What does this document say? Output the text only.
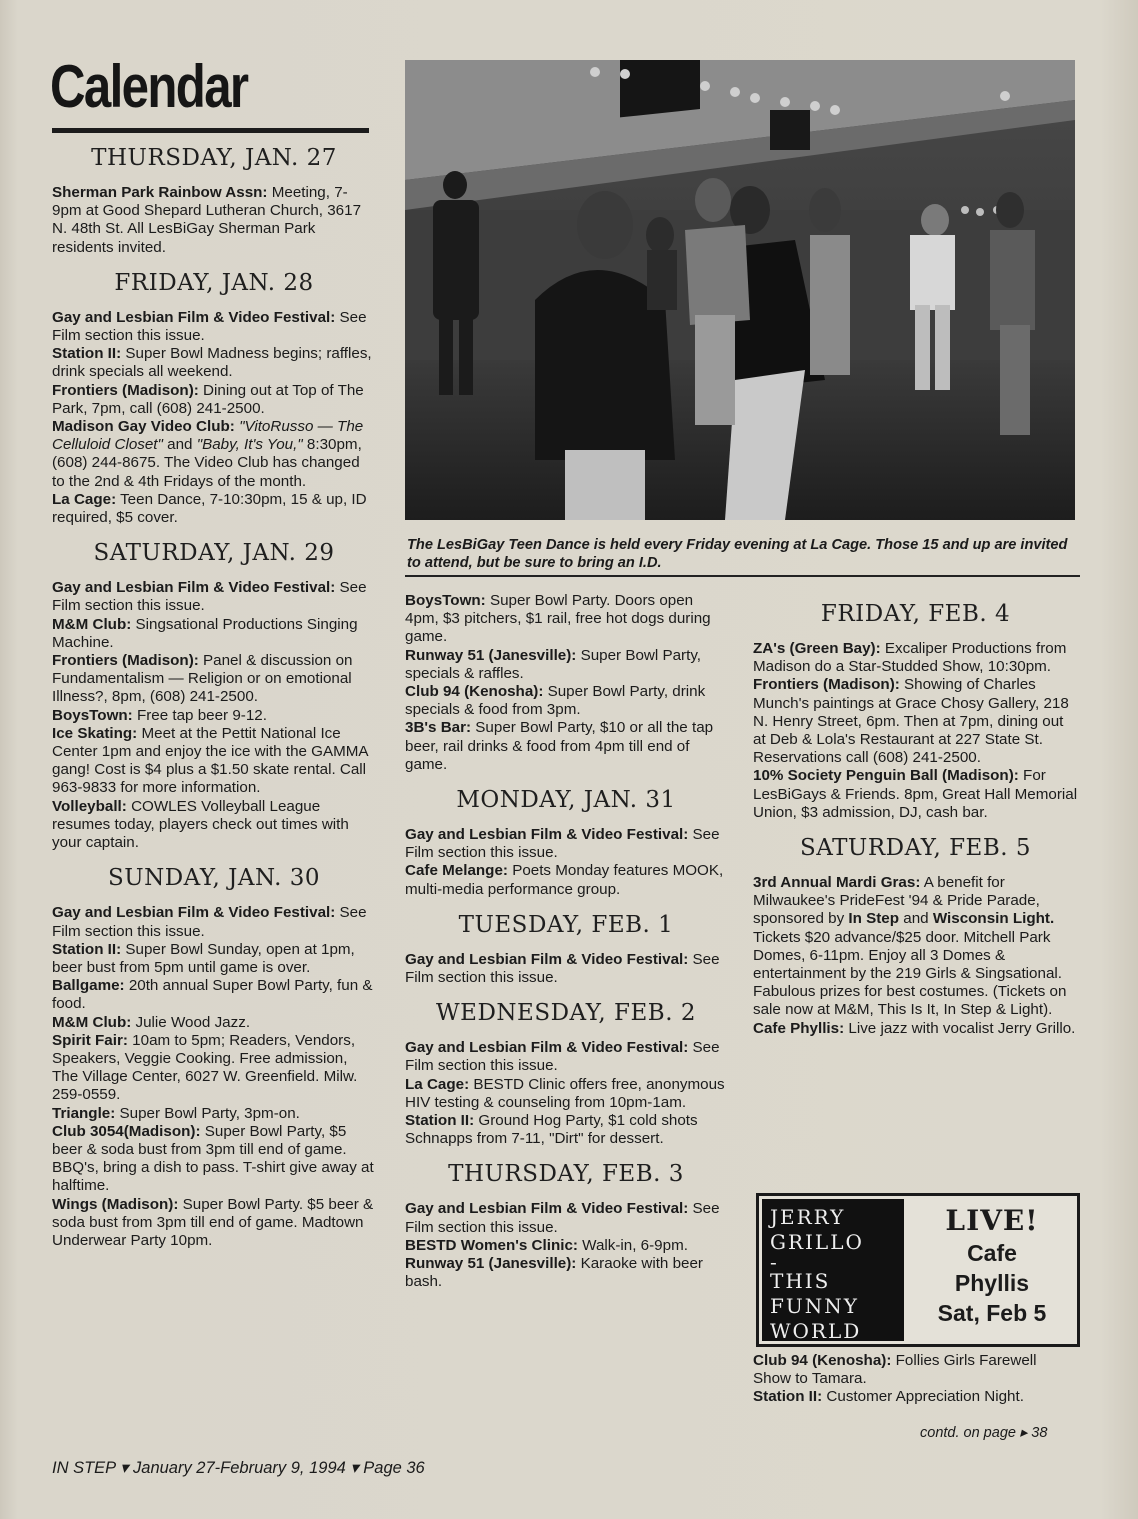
Calendar
THURSDAY, JAN. 27

Sherman Park Rainbow Assn: Meeting, 7-9pm at Good Shepard Lutheran Church, 3617 N. 48th St. All LesBiGay Sherman Park residents invited.

FRIDAY, JAN. 28

Gay and Lesbian Film & Video Festival: See Film section this issue.

Station II: Super Bowl Madness begins; raffles, drink specials all weekend.

Frontiers (Madison): Dining out at Top of The Park, 7pm, call (608) 241-2500.

Madison Gay Video Club: "VitoRusso — The Celluloid Closet" and "Baby, It's You," 8:30pm, (608) 244-8675. The Video Club has changed to the 2nd & 4th Fridays of the month.

La Cage: Teen Dance, 7-10:30pm, 15 & up, ID required, $5 cover.

SATURDAY, JAN. 29

Gay and Lesbian Film & Video Festival: See Film section this issue.

M&M Club: Singsational Productions Singing Machine.

Frontiers (Madison): Panel & discussion on Fundamentalism — Religion or on emotional Illness?, 8pm, (608) 241-2500.

BoysTown: Free tap beer 9-12.

Ice Skating: Meet at the Pettit National Ice Center 1pm and enjoy the ice with the GAMMA gang! Cost is $4 plus a $1.50 skate rental. Call 963-9833 for more information.

Volleyball: COWLES Volleyball League resumes today, players check out times with your captain.

SUNDAY, JAN. 30

Gay and Lesbian Film & Video Festival: See Film section this issue.

Station II: Super Bowl Sunday, open at 1pm, beer bust from 5pm until game is over.

Ballgame: 20th annual Super Bowl Party, fun & food.

M&M Club: Julie Wood Jazz.

Spirit Fair: 10am to 5pm; Readers, Vendors, Speakers, Veggie Cooking. Free admission, The Village Center, 6027 W. Greenfield. Milw. 259-0559.

Triangle: Super Bowl Party, 3pm-on.

Club 3054(Madison): Super Bowl Party, $5 beer & soda bust from 3pm till end of game. BBQ's, bring a dish to pass. T-shirt give away at halftime.

Wings (Madison): Super Bowl Party. $5 beer & soda bust from 3pm till end of game. Madtown Underwear Party 10pm.

The LesBiGay Teen Dance is held every Friday evening at La Cage. Those 15 and up are invited to attend, but be sure to bring an I.D.

BoysTown: Super Bowl Party. Doors open 4pm, $3 pitchers, $1 rail, free hot dogs during game.

Runway 51 (Janesville): Super Bowl Party, specials & raffles.

Club 94 (Kenosha): Super Bowl Party, drink specials & food from 3pm.

3B's Bar: Super Bowl Party, $10 or all the tap beer, rail drinks & food from 4pm till end of game.

MONDAY, JAN. 31

Gay and Lesbian Film & Video Festival: See Film section this issue.

Cafe Melange: Poets Monday features MOOK, multi-media performance group.

TUESDAY, FEB. 1

Gay and Lesbian Film & Video Festival: See Film section this issue.

WEDNESDAY, FEB. 2

Gay and Lesbian Film & Video Festival: See Film section this issue.

La Cage: BESTD Clinic offers free, anonymous HIV testing & counseling from 10pm-1am.

Station II: Ground Hog Party, $1 cold shots Schnapps from 7-11, "Dirt" for dessert.

THURSDAY, FEB. 3

Gay and Lesbian Film & Video Festival: See Film section this issue.

BESTD Women's Clinic: Walk-in, 6-9pm.

Runway 51 (Janesville): Karaoke with beer bash.

FRIDAY, FEB. 4

ZA's (Green Bay): Excaliper Productions from Madison do a Star-Studded Show, 10:30pm.

Frontiers (Madison): Showing of Charles Munch's paintings at Grace Chosy Gallery, 218 N. Henry Street, 6pm. Then at 7pm, dining out at Deb & Lola's Restaurant at 227 State St. Reservations call (608) 241-2500.

10% Society Penguin Ball (Madison): For LesBiGays & Friends. 8pm, Great Hall Memorial Union, $3 admission, DJ, cash bar.

SATURDAY, FEB. 5

3rd Annual Mardi Gras: A benefit for Milwaukee's PrideFest '94 & Pride Parade, sponsored by In Step and Wisconsin Light. Tickets $20 advance/$25 door. Mitchell Park Domes, 6-11pm. Enjoy all 3 Domes & entertainment by the 219 Girls & Singsational. Fabulous prizes for best costumes. (Tickets on sale now at M&M, This Is It, In Step & Light).

Cafe Phyllis: Live jazz with vocalist Jerry Grillo.

JERRY
GRILLO
-
THIS
FUNNY
WORLD
LIVE!
Cafe
Phyllis
Sat, Feb 5

Club 94 (Kenosha): Follies Girls Farewell Show to Tamara.

Station II: Customer Appreciation Night.

contd. on page ▸ 38
IN STEP ▾ January 27-February 9, 1994 ▾ Page 36
